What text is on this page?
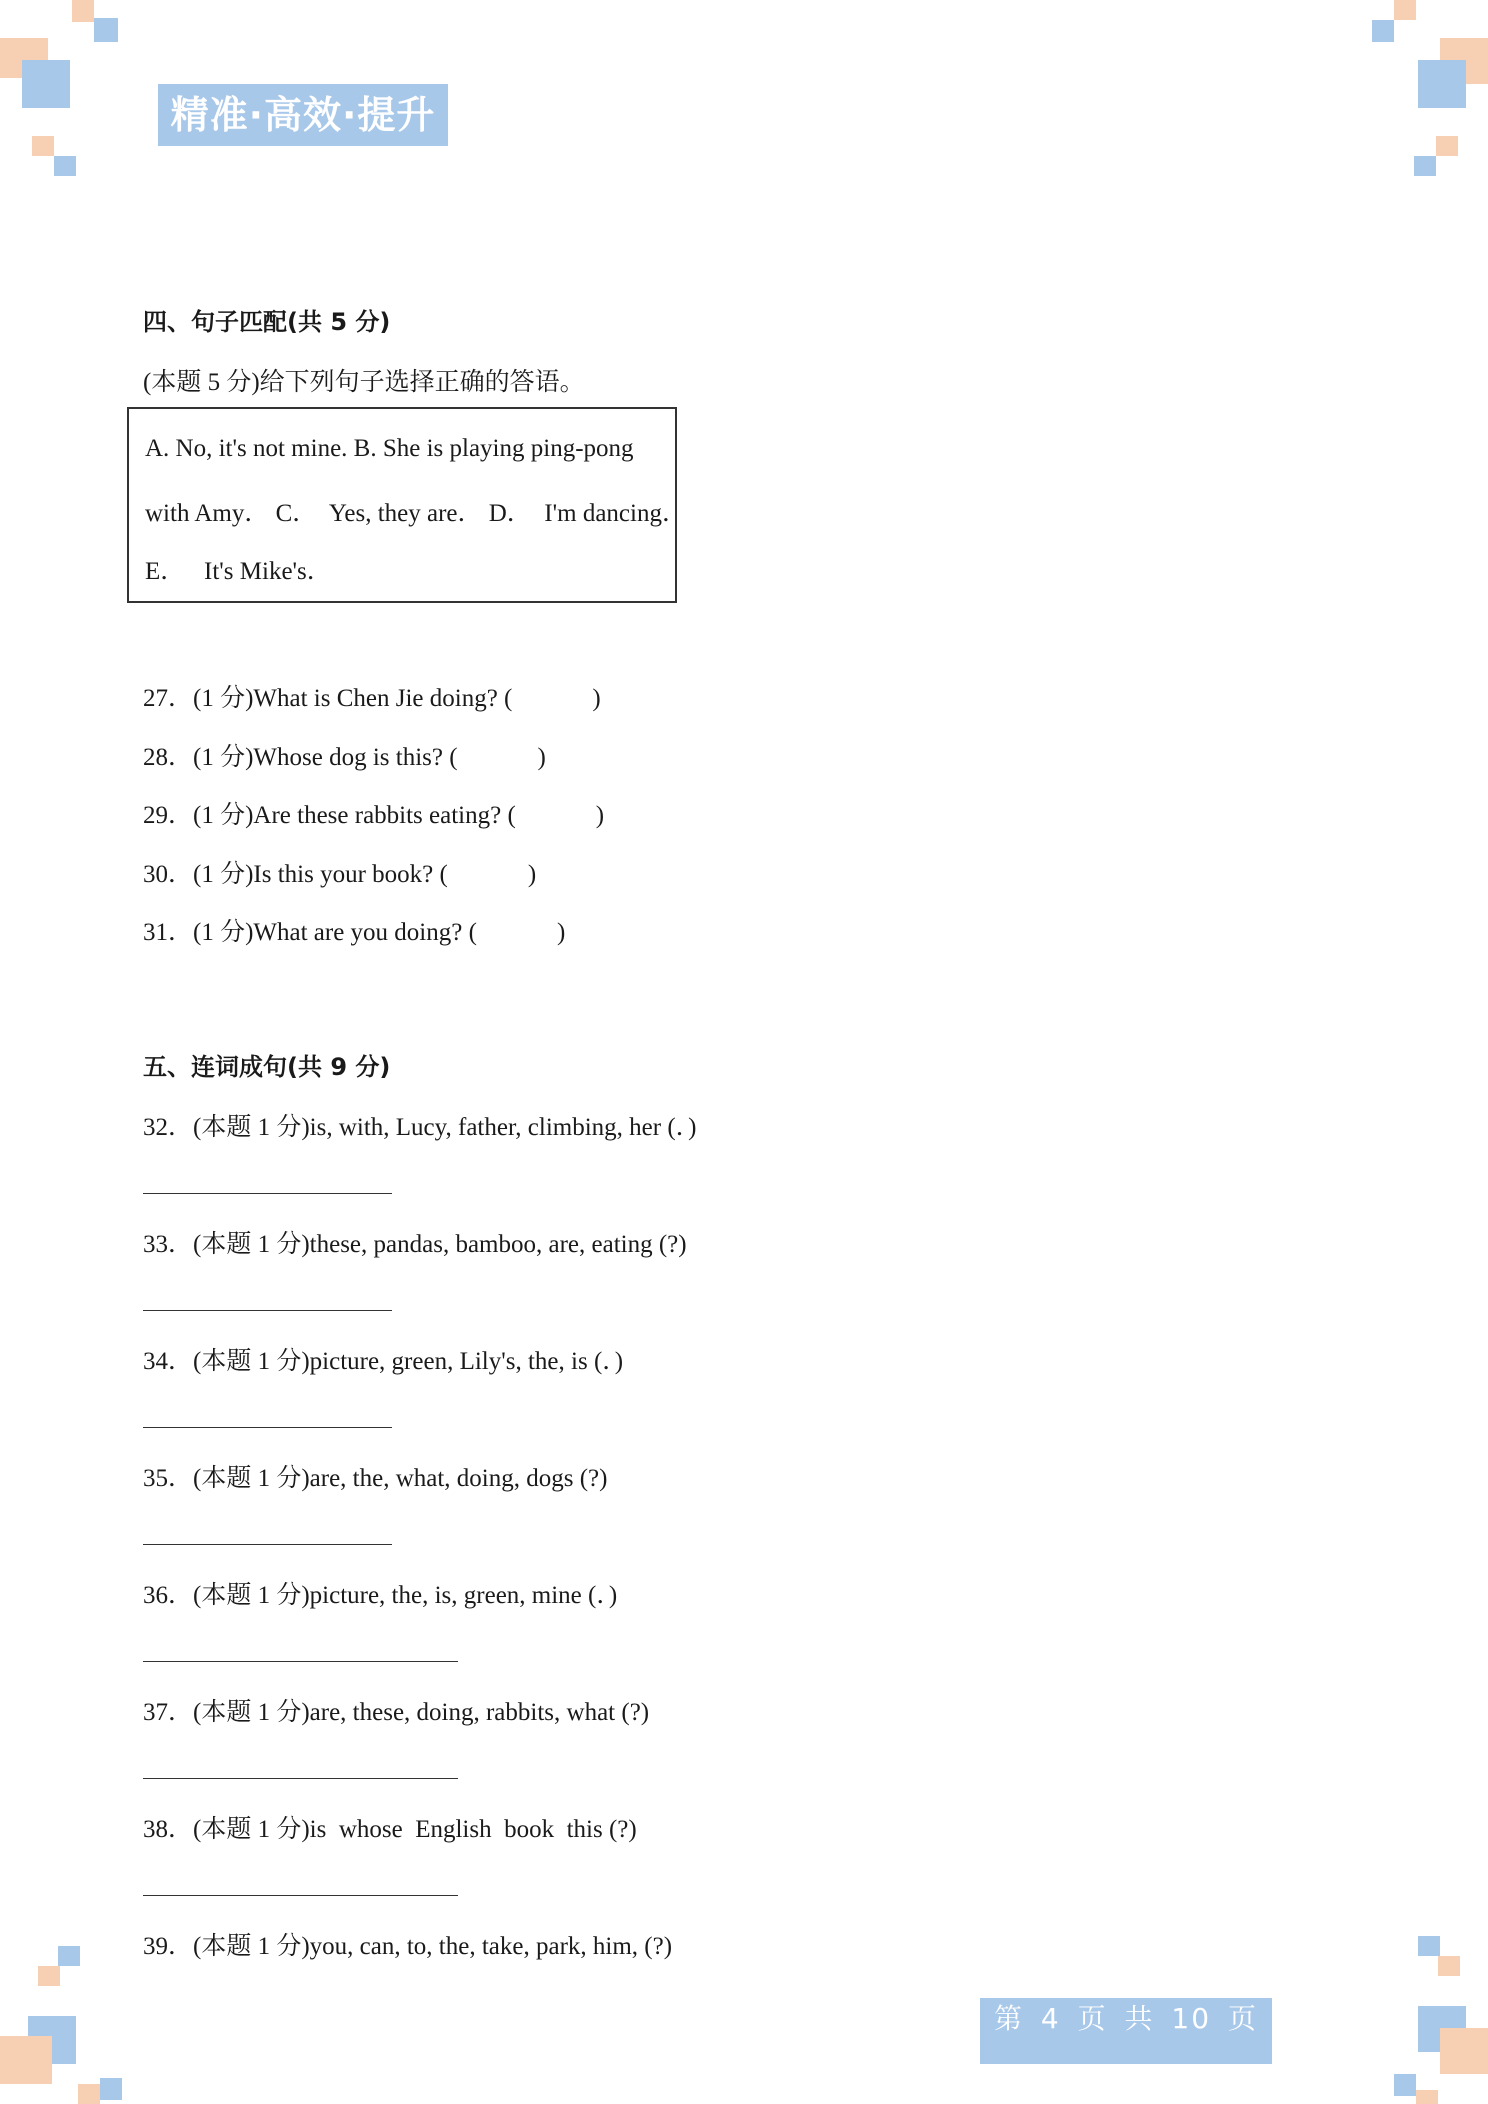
精准·高效·提升
四、句子匹配(共 5 分)
(本题 5 分)给下列句子选择正确的答语。
A. No, it's not mine. B. She is playing ping-pong
with Amy． C．  Yes, they are． D．  I'm dancing．
E．   It's Mike's．
27．(1 分)What is Chen Jie doing? (	)
28．(1 分)Whose dog is this? (	)
29．(1 分)Are these rabbits eating? (	)
30．(1 分)Is this your book? (	)
31．(1 分)What are you doing? (	)
五、连词成句(共 9 分)
32．(本题 1 分)is, with, Lucy, father, climbing, her (．)
33．(本题 1 分)these, pandas, bamboo, are, eating (?)
34．(本题 1 分)picture, green, Lily's, the, is (．)
35．(本题 1 分)are, the, what, doing, dogs (?)
36．(本题 1 分)picture, the, is, green, mine (．)
37．(本题 1 分)are, these, doing, rabbits, what (?)
38．(本题 1 分)is  whose  English  book  this (?)
39．(本题 1 分)you, can, to, the, take, park, him, (?)
第 4 页 共 10 页
